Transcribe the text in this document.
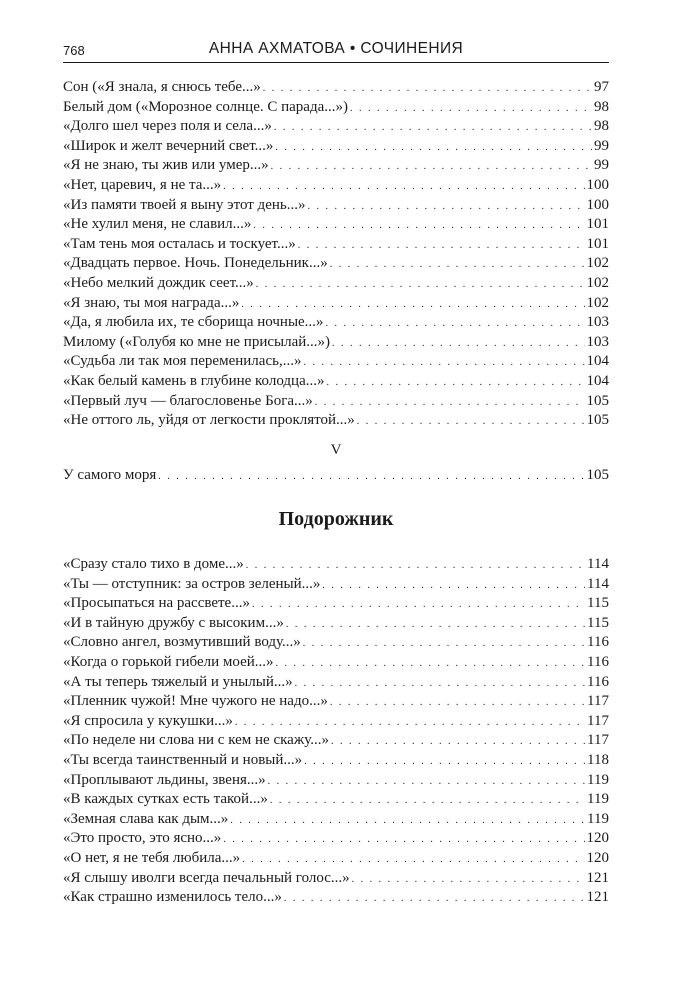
768	АННА АХМАТОВА • СОЧИНЕНИЯ
Сон («Я знала, я снюсь тебе...» . . .	97
Белый дом («Морозное солнце. С парада...») . . .	98
«Долго шел через поля и села...» . . .	98
«Широк и желт вечерний свет...» . . .	99
«Я не знаю, ты жив или умер...» . . .	99
«Нет, царевич, я не та...» . . .	100
«Из памяти твоей я выну этот день...» . . .	100
«Не хулил меня, не славил...» . . .	101
«Там тень моя осталась и тоскует...» . . .	101
«Двадцать первое. Ночь. Понедельник...» . . .	102
«Небо мелкий дождик сеет...» . . .	102
«Я знаю, ты моя награда...» . . .	102
«Да, я любила их, те сборища ночные...» . . .	103
Милому («Голубя ко мне не присылай...») . . .	103
«Судьба ли так моя переменилась,...» . . .	104
«Как белый камень в глубине колодца...» . . .	104
«Первый луч — благословенье Бога...» . . .	105
«Не оттого ль, уйдя от легкости проклятой...» . . .	105
V
У самого моря . . .	105
Подорожник
«Сразу стало тихо в доме...» . . .	114
«Ты — отступник: за остров зеленый...» . . .	114
«Просыпаться на рассвете...» . . .	115
«И в тайную дружбу с высоким...» . . .	115
«Словно ангел, возмутивший воду...» . . .	116
«Когда о горькой гибели моей...» . . .	116
«А ты теперь тяжелый и унылый...» . . .	116
«Пленник чужой! Мне чужого не надо...» . . .	117
«Я спросила у кукушки...» . . .	117
«По неделе ни слова ни с кем не скажу...» . . .	117
«Ты всегда таинственный и новый...» . . .	118
«Проплывают льдины, звеня...» . . .	119
«В каждых сутках есть такой...» . . .	119
«Земная слава как дым...» . . .	119
«Это просто, это ясно...» . . .	120
«О нет, я не тебя любила...» . . .	120
«Я слышу иволги всегда печальный голос...» . . .	121
«Как страшно изменилось тело...» . . .	121
